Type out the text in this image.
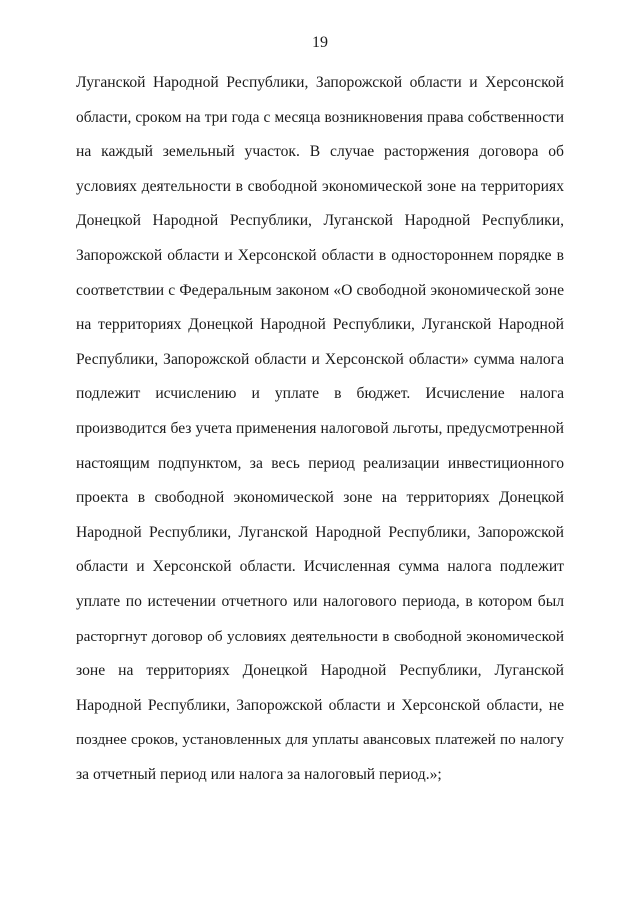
19
Луганской Народной Республики, Запорожской области и Херсонской
области, сроком на три года с месяца возникновения права собственности
на каждый земельный участок. В случае расторжения договора об
условиях деятельности в свободной экономической зоне на территориях
Донецкой Народной Республики, Луганской Народной Республики,
Запорожской области и Херсонской области в одностороннем порядке в
соответствии с Федеральным законом «О свободной экономической зоне
на территориях Донецкой Народной Республики, Луганской Народной
Республики, Запорожской области и Херсонской области» сумма налога
подлежит исчислению и уплате в бюджет. Исчисление налога
производится без учета применения налоговой льготы, предусмотренной
настоящим подпунктом, за весь период реализации инвестиционного
проекта в свободной экономической зоне на территориях Донецкой
Народной Республики, Луганской Народной Республики, Запорожской
области и Херсонской области. Исчисленная сумма налога подлежит
уплате по истечении отчетного или налогового периода, в котором был
расторгнут договор об условиях деятельности в свободной экономической
зоне на территориях Донецкой Народной Республики, Луганской
Народной Республики, Запорожской области и Херсонской области, не
позднее сроков, установленных для уплаты авансовых платежей по налогу
за отчетный период или налога за налоговый период.»;
